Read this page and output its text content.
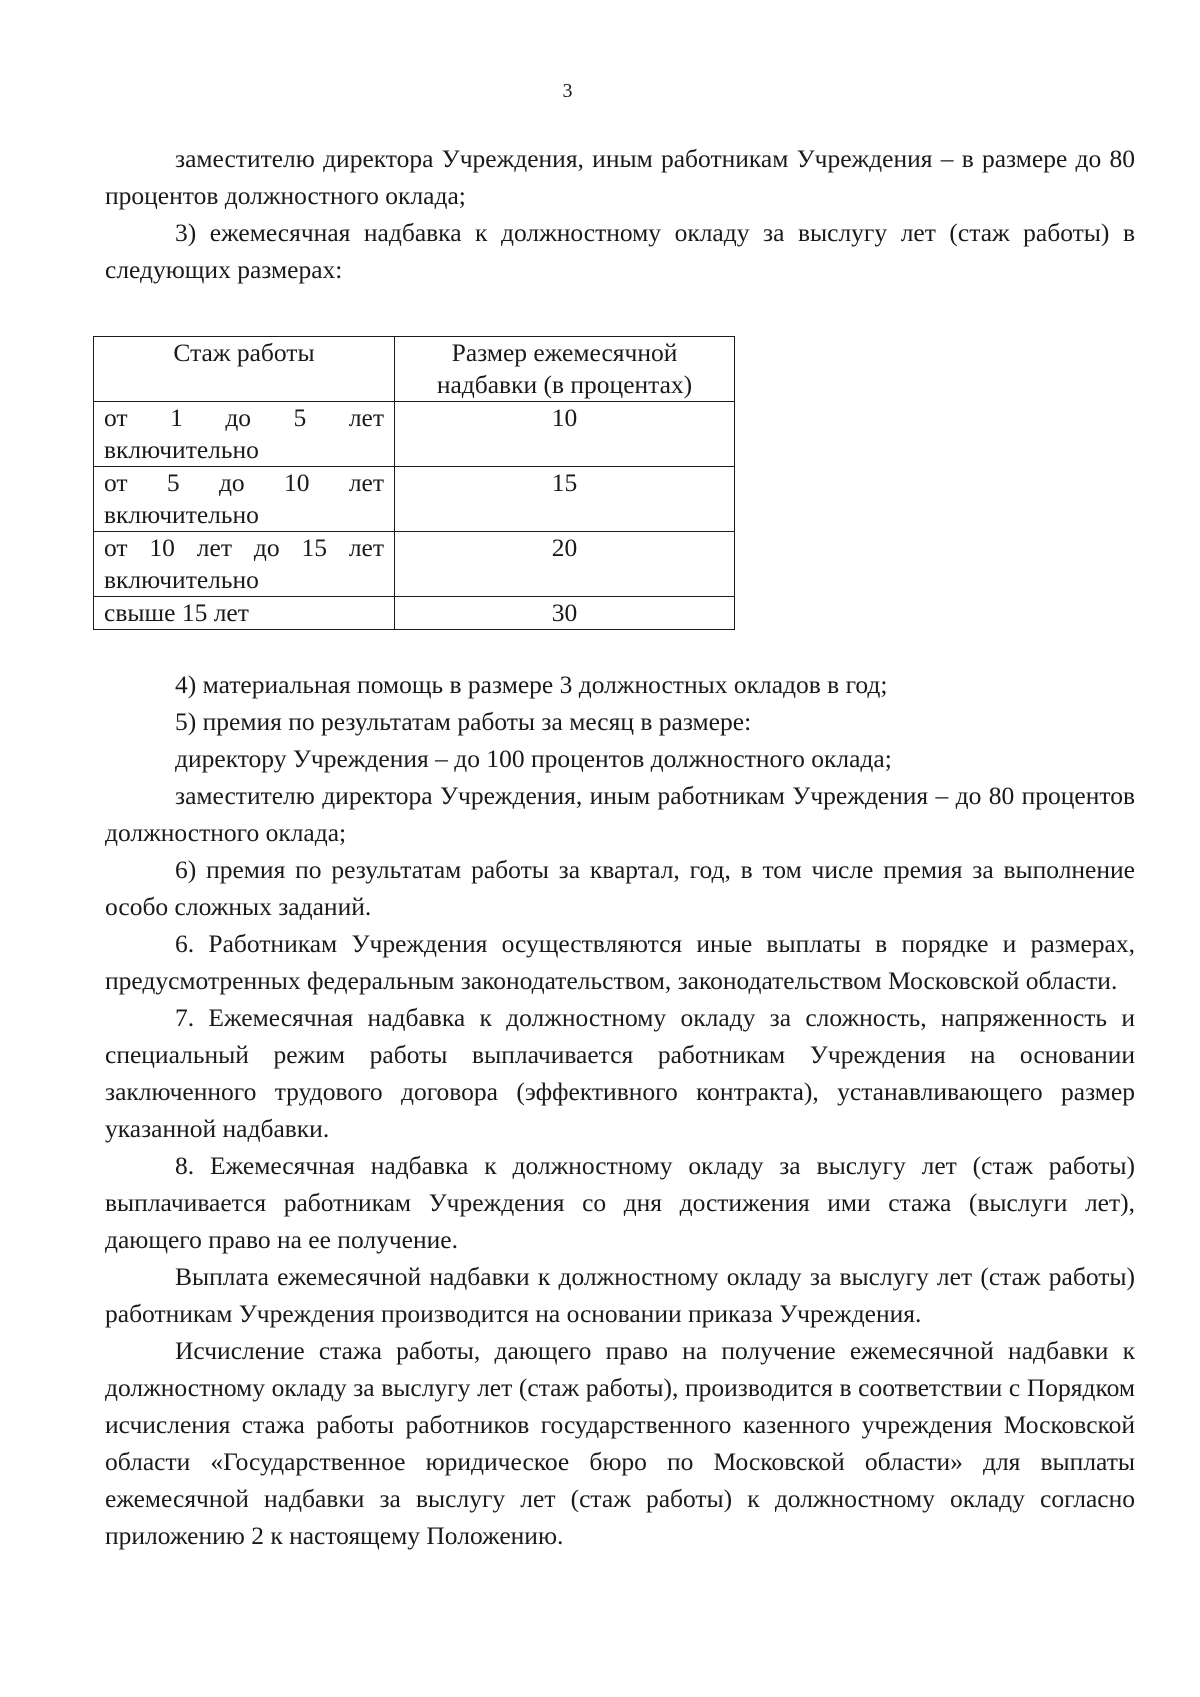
3

заместителю директора Учреждения, иным работникам Учреждения – в размере до 80 процентов должностного оклада;

3) ежемесячная надбавка к должностному окладу за выслугу лет (стаж работы) в следующих размерах:

Стаж работы	Размер ежемесячной надбавки (в процентах)

от 1 до 5 лет
включительно	10

от 5 до 10 лет
включительно	15

от 10 лет до 15 лет
включительно	20
свыше 15 лет	30

4) материальная помощь в размере 3 должностных окладов в год;

5) премия по результатам работы за месяц в размере:

директору Учреждения – до 100 процентов должностного оклада;

заместителю директора Учреждения, иным работникам Учреждения – до 80 процентов должностного оклада;

6) премия по результатам работы за квартал, год, в том числе премия за выполнение особо сложных заданий.

6. Работникам Учреждения осуществляются иные выплаты в порядке и размерах, предусмотренных федеральным законодательством, законодательством Московской области.

7. Ежемесячная надбавка к должностному окладу за сложность, напряженность и специальный режим работы выплачивается работникам Учреждения на основании заключенного трудового договора (эффективного контракта), устанавливающего размер указанной надбавки.

8. Ежемесячная надбавка к должностному окладу за выслугу лет (стаж работы) выплачивается работникам Учреждения со дня достижения ими стажа (выслуги лет), дающего право на ее получение.

Выплата ежемесячной надбавки к должностному окладу за выслугу лет (стаж работы) работникам Учреждения производится на основании приказа Учреждения.

Исчисление стажа работы, дающего право на получение ежемесячной надбавки к должностному окладу за выслугу лет (стаж работы), производится в соответствии с Порядком исчисления стажа работы работников государственного казенного учреждения Московской области «Государственное юридическое бюро по Московской области» для выплаты ежемесячной надбавки за выслугу лет (стаж работы) к должностному окладу согласно приложению 2 к настоящему Положению.
